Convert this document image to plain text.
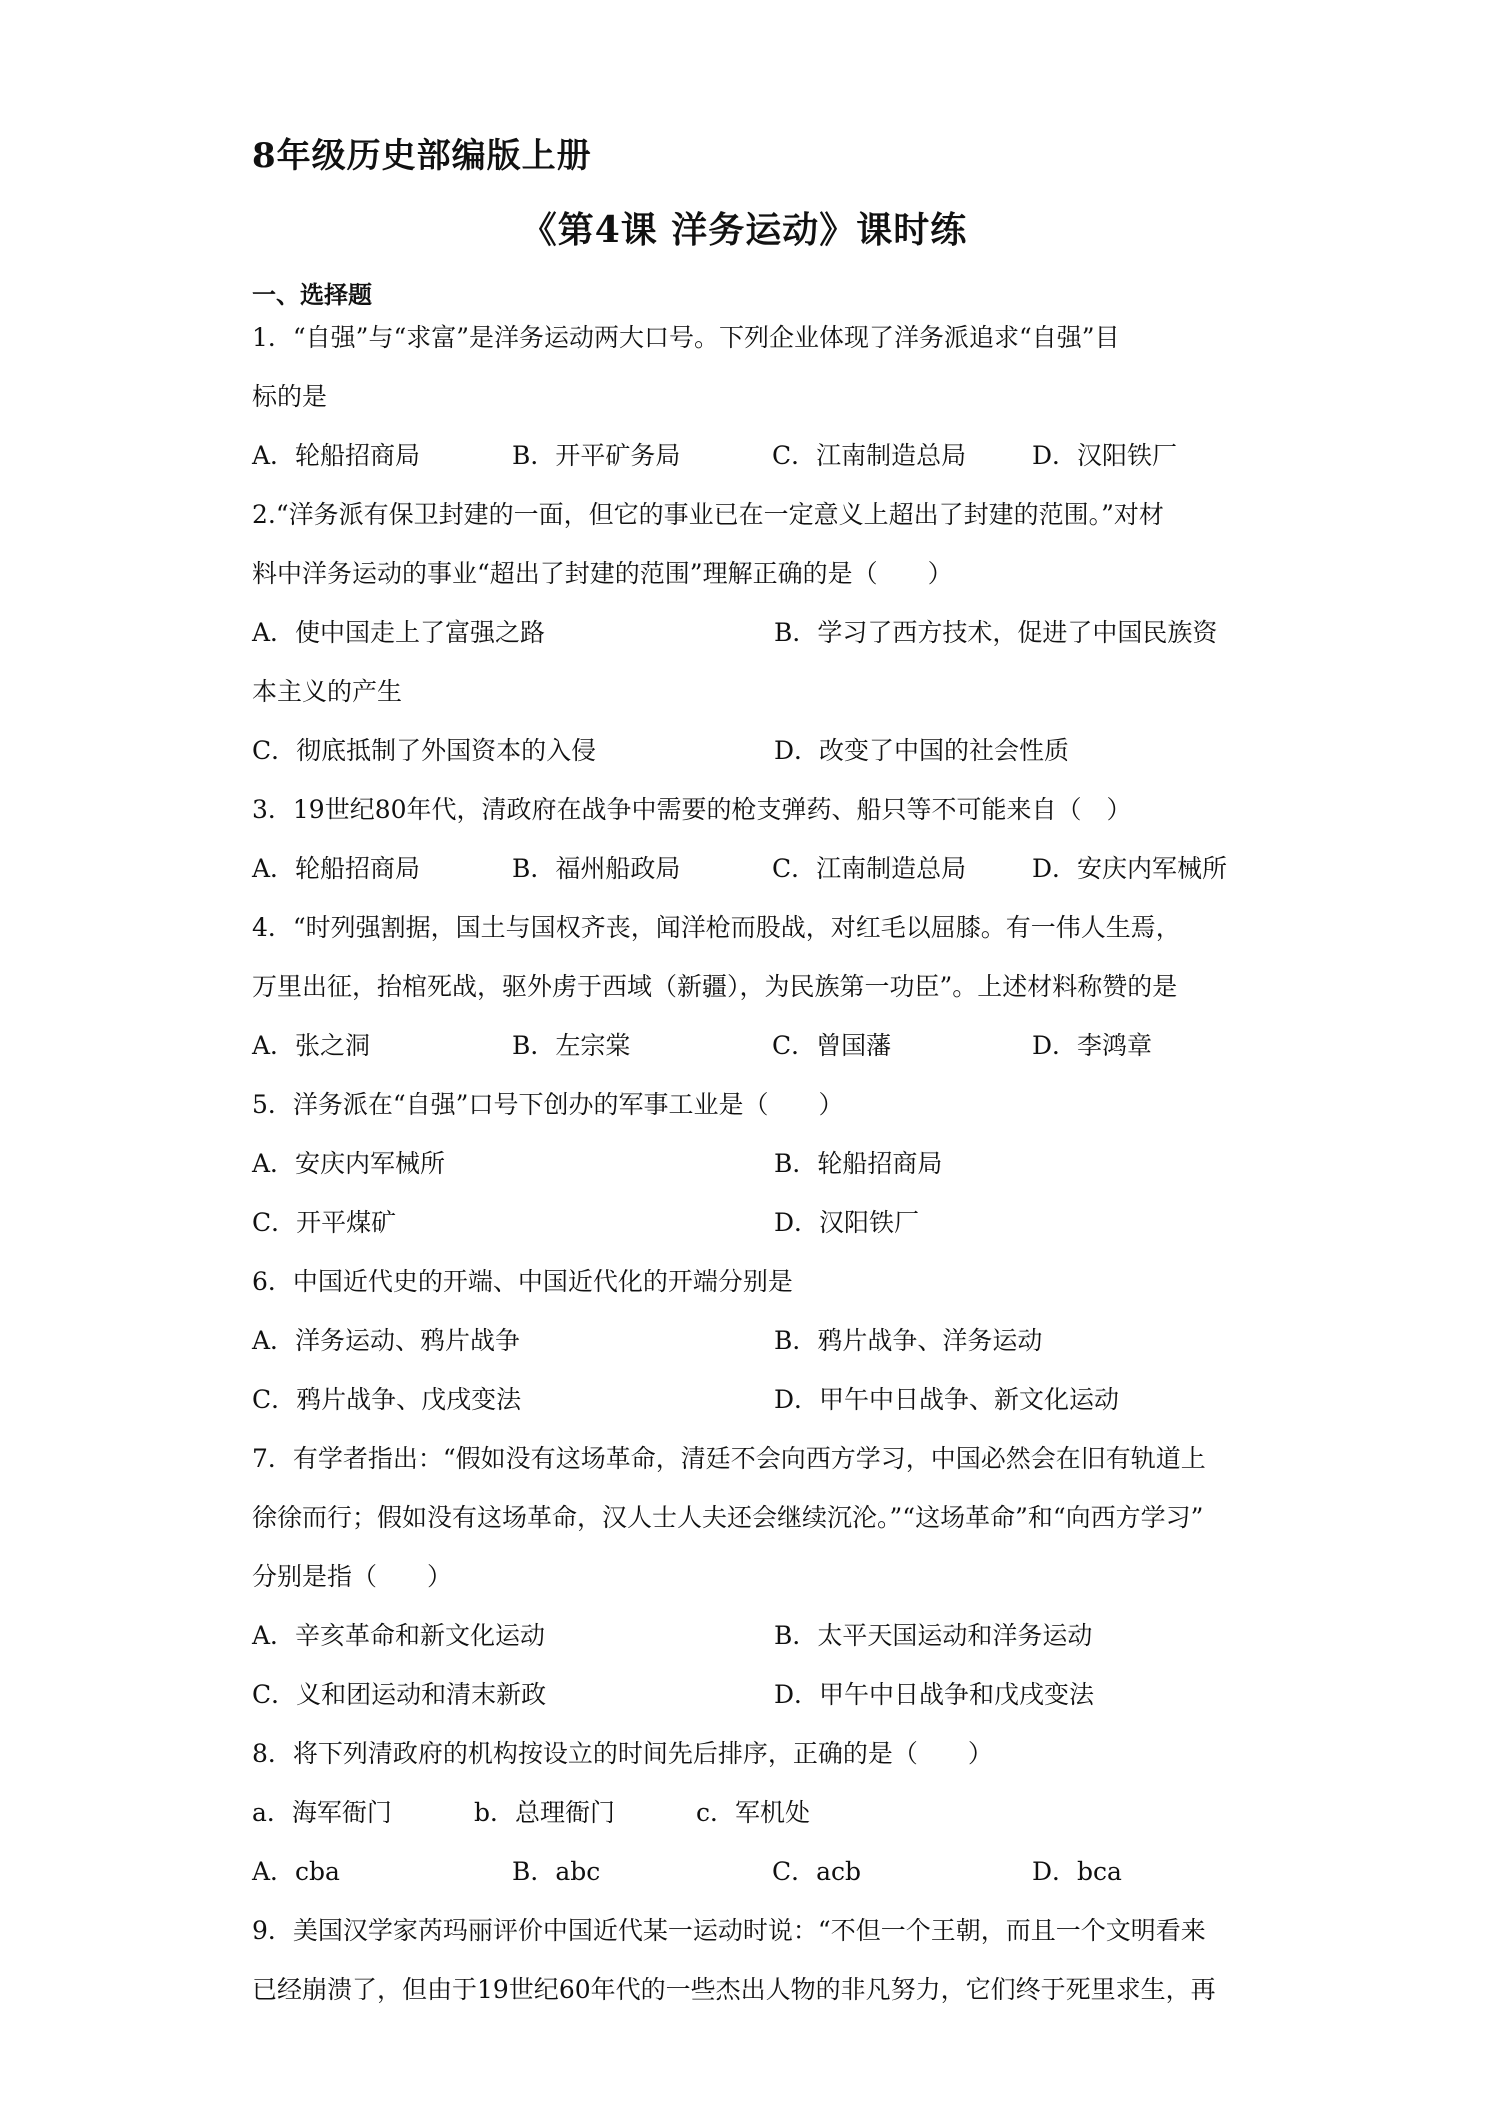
8年级历史部编版上册
《第4课 洋务运动》课时练
一、选择题
1．“自强”与“求富”是洋务运动两大口号。下列企业体现了洋务派追求“自强”目
标的是
A．轮船招商局	B．开平矿务局	C．江南制造总局	D．汉阳铁厂
2.“洋务派有保卫封建的一面，但它的事业已在一定意义上超出了封建的范围。”对材
料中洋务运动的事业“超出了封建的范围”理解正确的是（　　）
A．使中国走上了富强之路	B．学习了西方技术，促进了中国民族资
本主义的产生
C．彻底抵制了外国资本的入侵	D．改变了中国的社会性质
3．19世纪80年代，清政府在战争中需要的枪支弹药、船只等不可能来自（　）
A．轮船招商局	B．福州船政局	C．江南制造总局	D．安庆内军械所
4．“时列强割据，国土与国权齐丧，闻洋枪而股战，对红毛以屈膝。有一伟人生焉，
万里出征，抬棺死战，驱外虏于西域（新疆），为民族第一功臣”。上述材料称赞的是
A．张之洞	B．左宗棠	C．曾国藩	D．李鸿章
5．洋务派在“自强”口号下创办的军事工业是（　　）
A．安庆内军械所	B．轮船招商局
C．开平煤矿	D．汉阳铁厂
6．中国近代史的开端、中国近代化的开端分别是
A．洋务运动、鸦片战争	B．鸦片战争、洋务运动
C．鸦片战争、戊戌变法	D．甲午中日战争、新文化运动
7．有学者指出：“假如没有这场革命，清廷不会向西方学习，中国必然会在旧有轨道上
徐徐而行；假如没有这场革命，汉人士人夫还会继续沉沦。”“这场革命”和“向西方学习”
分别是指（　　）
A．辛亥革命和新文化运动	B．太平天国运动和洋务运动
C．义和团运动和清末新政	D．甲午中日战争和戊戌变法
8．将下列清政府的机构按设立的时间先后排序，正确的是（　　）
a．海军衙门	b．总理衙门	c．军机处
A．cba	B．abc	C．acb	D．bca
9．美国汉学家芮玛丽评价中国近代某一运动时说：“不但一个王朝，而且一个文明看来
已经崩溃了，但由于19世纪60年代的一些杰出人物的非凡努力，它们终于死里求生，再
